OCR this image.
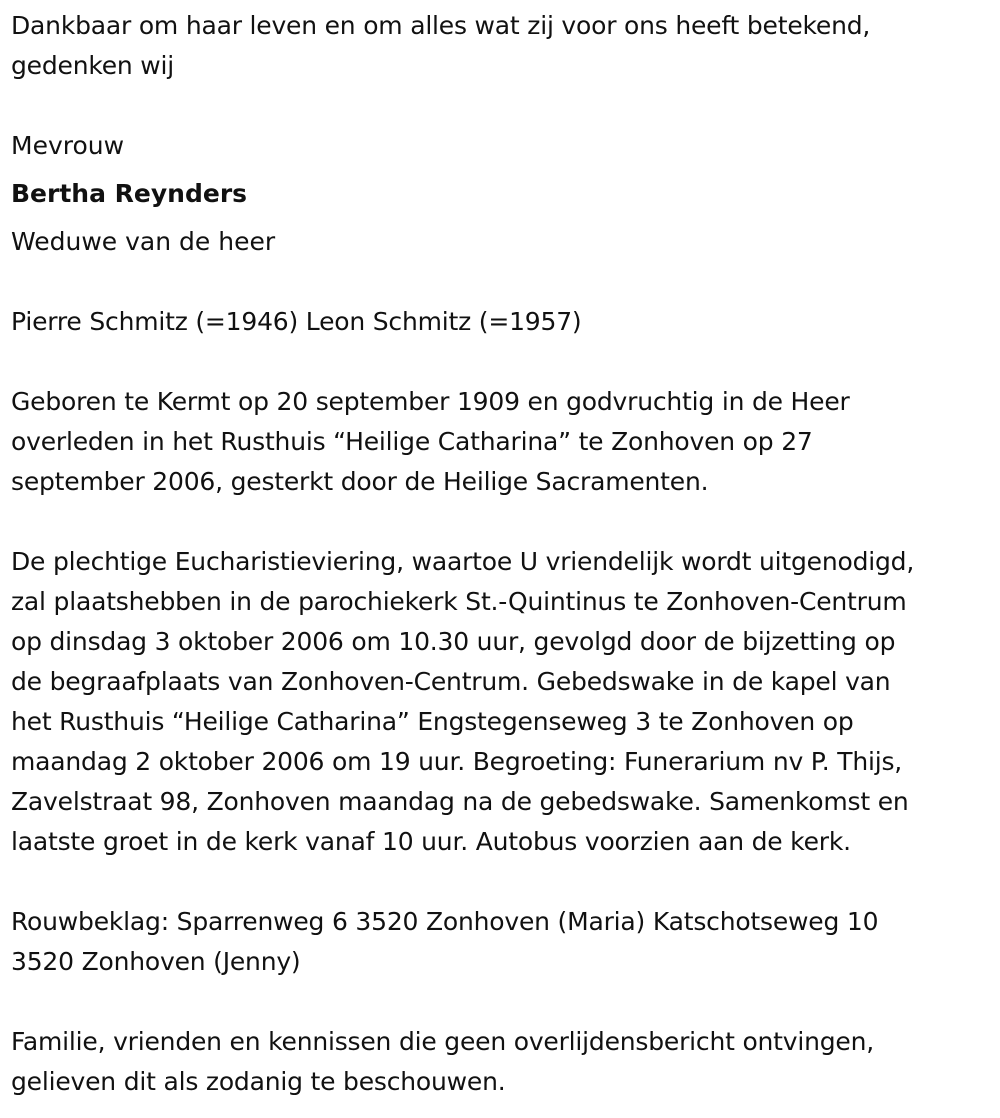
Dankbaar om haar leven en om alles wat zij voor ons heeft betekend,

gedenken wij

Mevrouw

Bertha Reynders

Weduwe van de heer

Pierre Schmitz (=1946) Leon Schmitz (=1957)

Geboren te Kermt op 20 september 1909 en godvruchtig in de Heer

overleden in het Rusthuis “Heilige Catharina” te Zonhoven op 27

september 2006, gesterkt door de Heilige Sacramenten.

De plechtige Eucharistieviering, waartoe U vriendelijk wordt uitgenodigd,

zal plaatshebben in de parochiekerk St.-Quintinus te Zonhoven-Centrum

op dinsdag 3 oktober 2006 om 10.30 uur, gevolgd door de bijzetting op

de begraafplaats van Zonhoven-Centrum. Gebedswake in de kapel van

het Rusthuis “Heilige Catharina” Engstegenseweg 3 te Zonhoven op

maandag 2 oktober 2006 om 19 uur. Begroeting: Funerarium nv P. Thijs,

Zavelstraat 98, Zonhoven maandag na de gebedswake. Samenkomst en

laatste groet in de kerk vanaf 10 uur. Autobus voorzien aan de kerk.

Rouwbeklag: Sparrenweg 6 3520 Zonhoven (Maria) Katschotseweg 10

3520 Zonhoven (Jenny)

Familie, vrienden en kennissen die geen overlijdensbericht ontvingen,

gelieven dit als zodanig te beschouwen.
